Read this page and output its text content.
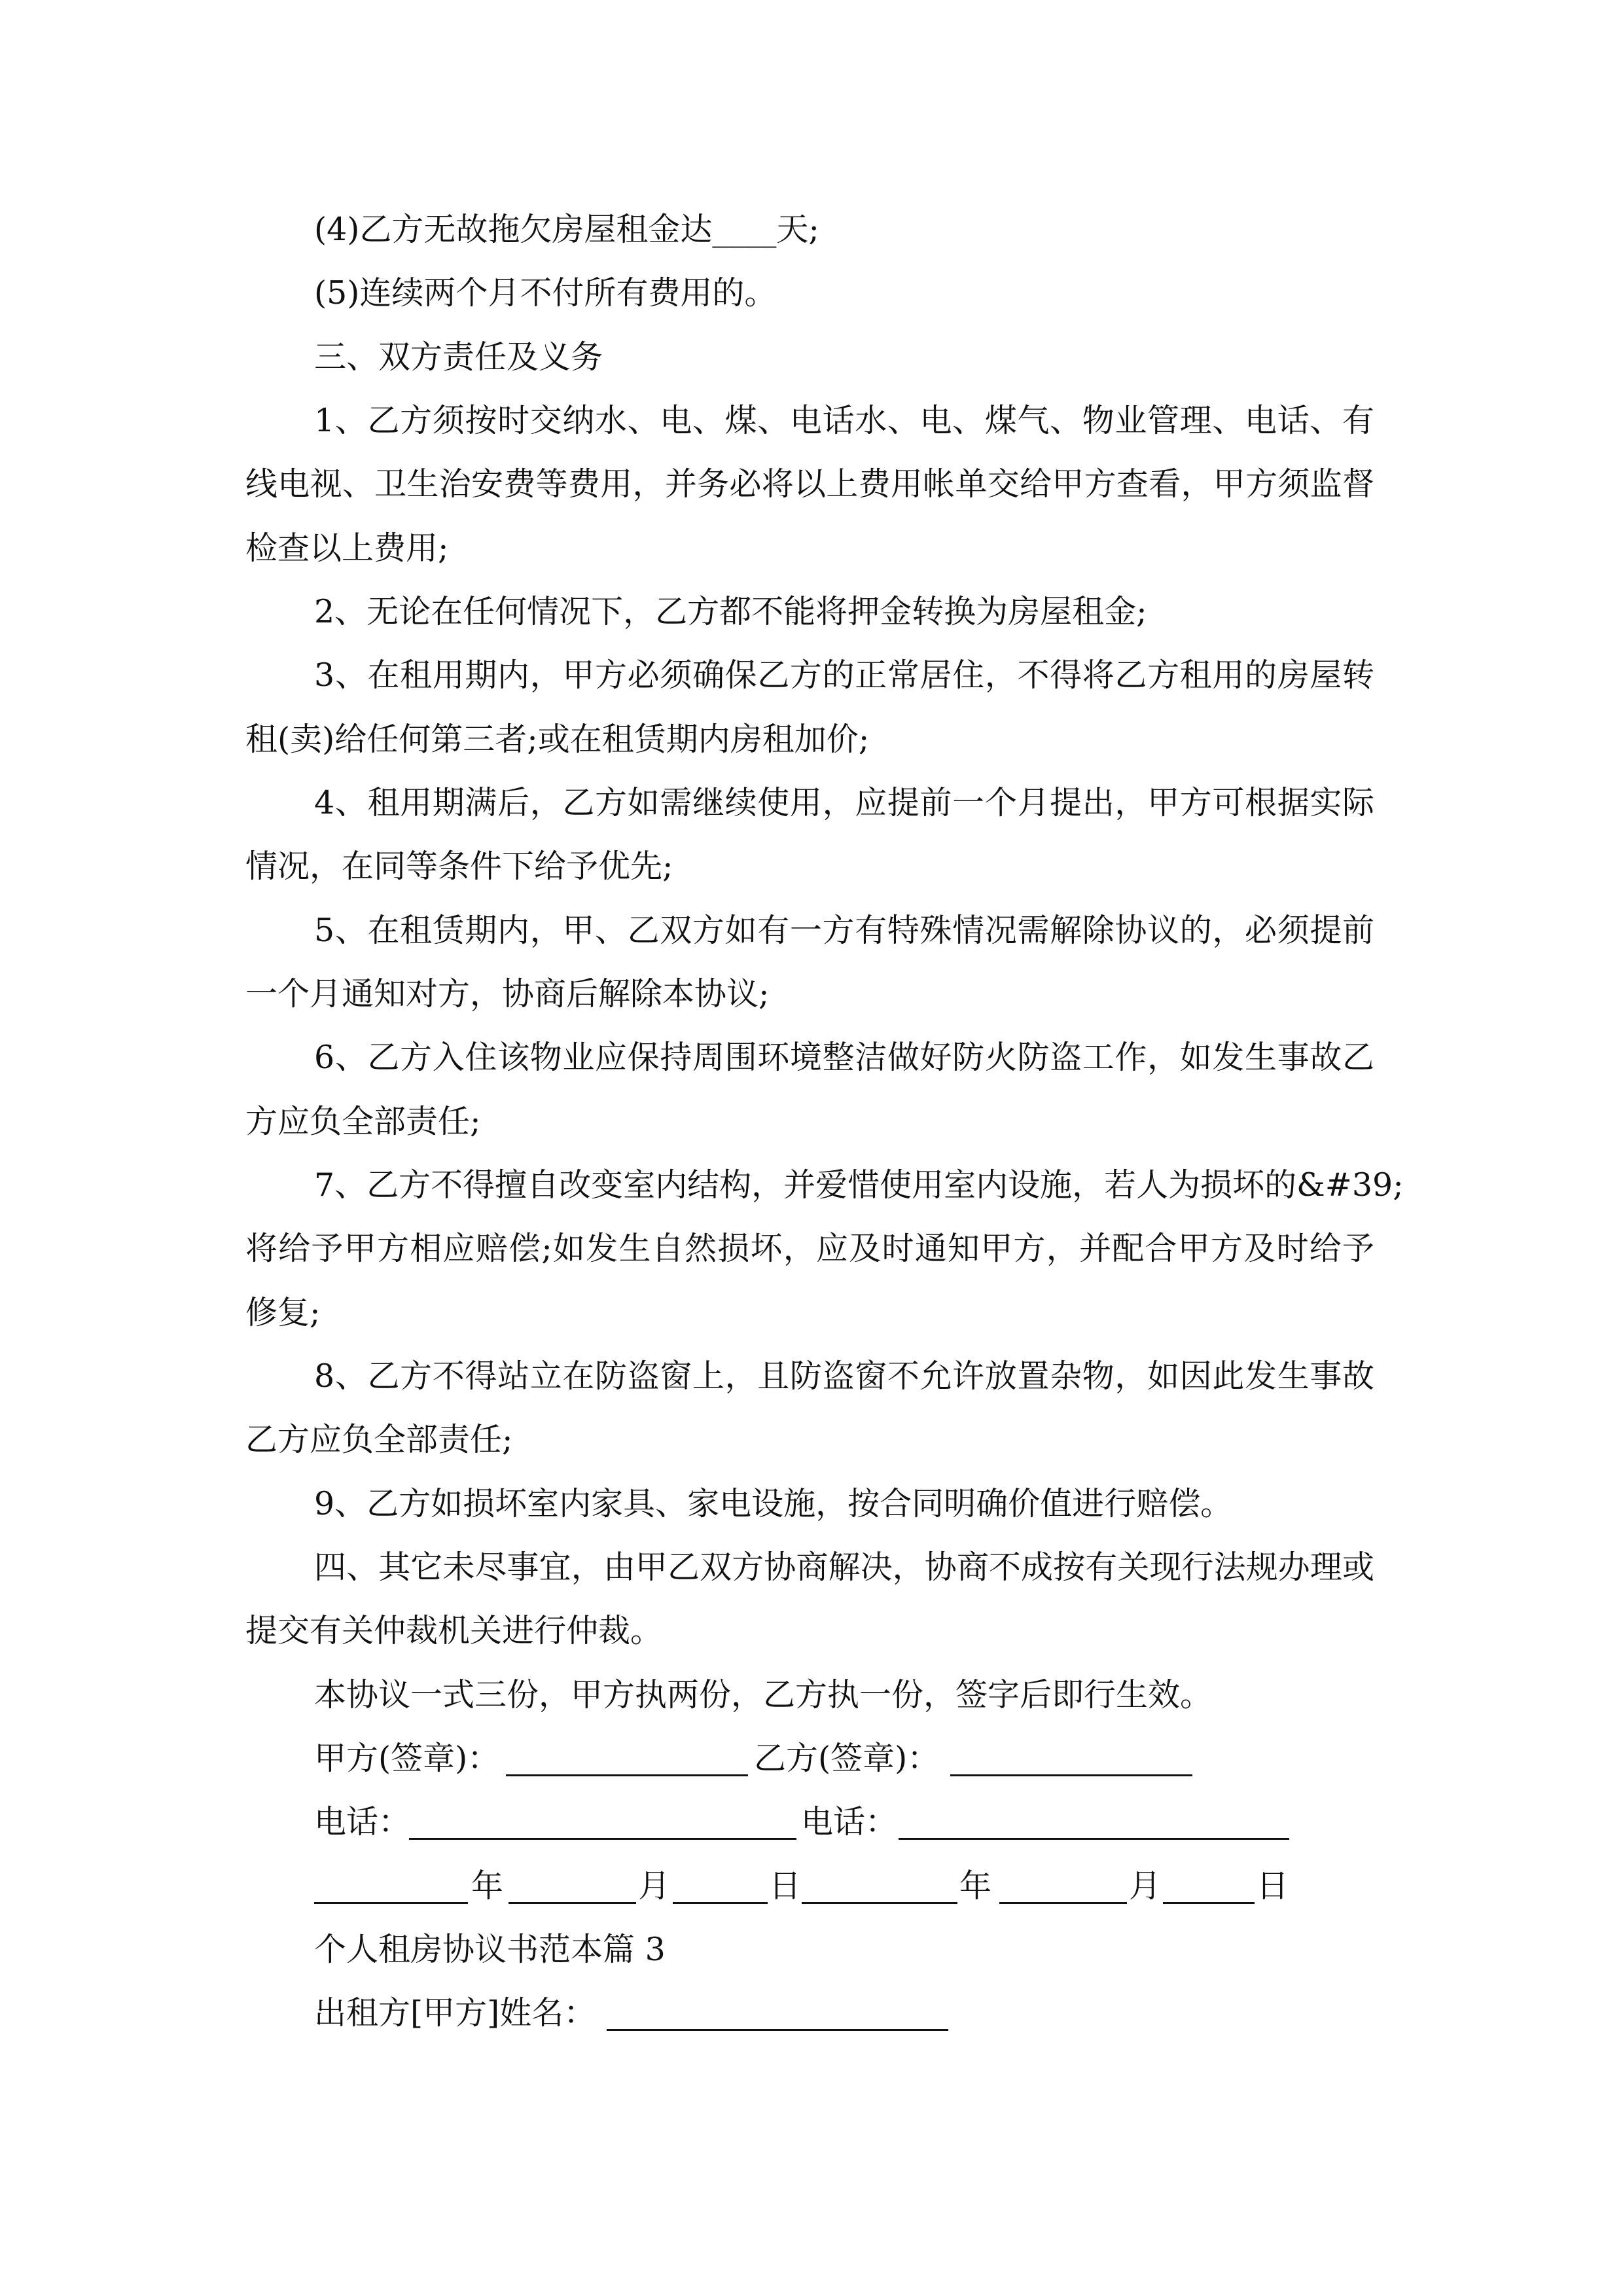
(4)乙方无故拖欠房屋租金达____天;
(5)连续两个月不付所有费用的。
三、双方责任及义务
1、乙方须按时交纳水、电、煤、电话水、电、煤气、物业管理、电话、有
线电视、卫生治安费等费用，并务必将以上费用帐单交给甲方查看，甲方须监督
检查以上费用;
2、无论在任何情况下，乙方都不能将押金转换为房屋租金;
3、在租用期内，甲方必须确保乙方的正常居住，不得将乙方租用的房屋转
租(卖)给任何第三者;或在租赁期内房租加价;
4、租用期满后，乙方如需继续使用，应提前一个月提出，甲方可根据实际
情况，在同等条件下给予优先;
5、在租赁期内，甲、乙双方如有一方有特殊情况需解除协议的，必须提前
一个月通知对方，协商后解除本协议;
6、乙方入住该物业应保持周围环境整洁做好防火防盗工作，如发生事故乙
方应负全部责任;
7、乙方不得擅自改变室内结构，并爱惜使用室内设施，若人为损坏的&#39;
将给予甲方相应赔偿;如发生自然损坏，应及时通知甲方，并配合甲方及时给予
修复;
8、乙方不得站立在防盗窗上，且防盗窗不允许放置杂物，如因此发生事故
乙方应负全部责任;
9、乙方如损坏室内家具、家电设施，按合同明确价值进行赔偿。
四、其它未尽事宜，由甲乙双方协商解决，协商不成按有关现行法规办理或
提交有关仲裁机关进行仲裁。
本协议一式三份，甲方执两份，乙方执一份，签字后即行生效。
甲方(签章)：	乙方(签章)：
电话：	电话：
年	月	日	年	月	日
个人租房协议书范本篇 3
出租方[甲方]姓名：
